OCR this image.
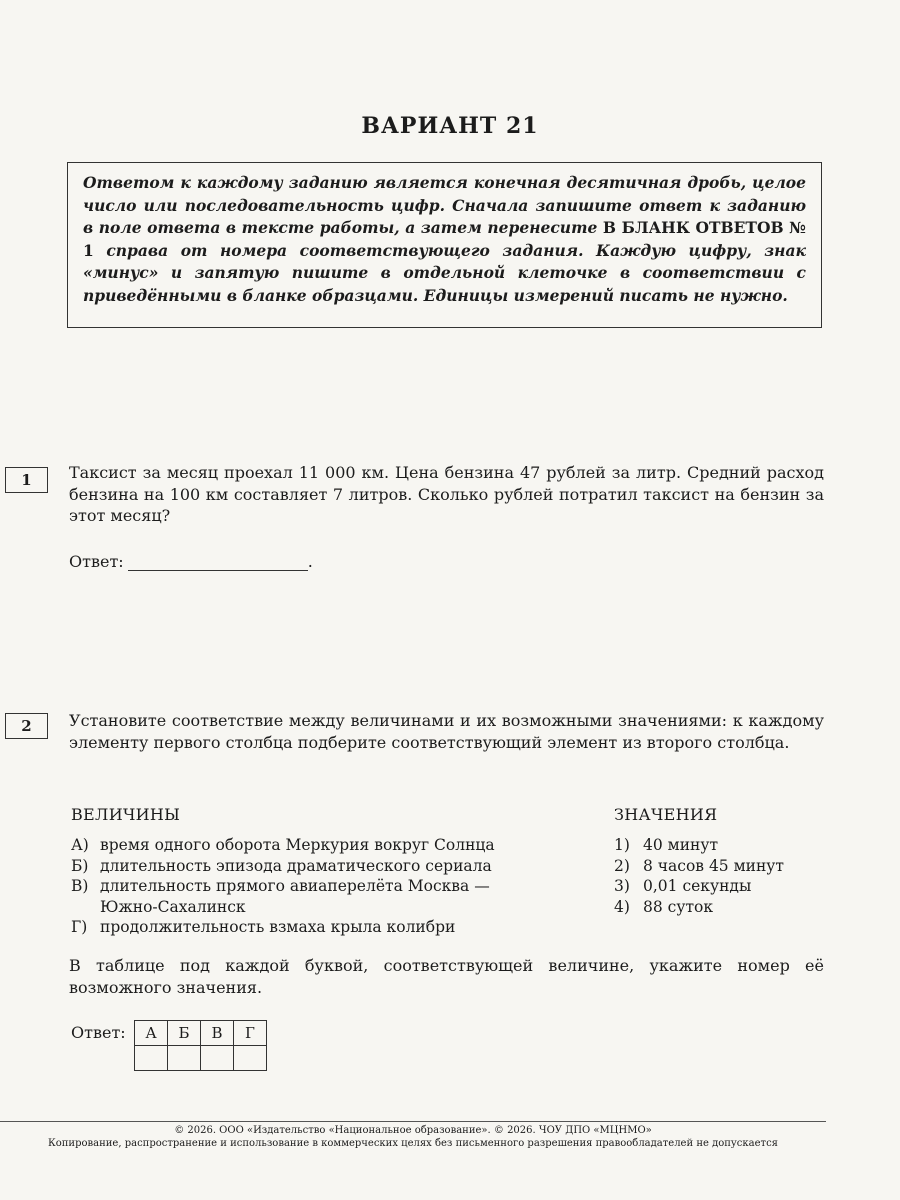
ВАРИАНТ 21
Ответом к каждому заданию является конечная десятичная дробь, целое число или последовательность цифр. Сначала запишите ответ к заданию в поле ответа в тексте работы, а затем перенесите В БЛАНК ОТВЕТОВ № 1 справа от номера соответствующего задания. Каждую цифру, знак «минус» и запятую пишите в отдельной клеточке в соответствии с приведёнными в бланке образцами. Единицы измерений писать не нужно.
1	Таксист за месяц проехал 11 000 км. Цена бензина 47 рублей за литр. Средний расход бензина на 100 км составляет 7 литров. Сколько рублей потратил таксист на бензин за этот месяц?
Ответ:	.
2	Установите соответствие между величинами и их возможными значениями: к каждому элементу первого столбца подберите соответствующий элемент из второго столбца.
ВЕЛИЧИНЫ	ЗНАЧЕНИЯ
А) время одного оборота Меркурия вокруг Солнца
Б) длительность эпизода драматического сериала
В) длительность прямого авиаперелёта Москва — Южно-Сахалинск
Г) продолжительность взмаха крыла колибри
1) 40 минут
2) 8 часов 45 минут
3) 0,01 секунды
4) 88 суток
В таблице под каждой буквой, соответствующей величине, укажите номер её возможного значения.
Ответ: А	Б	В	Г

© 2026. ООО «Издательство «Национальное образование». © 2026. ЧОУ ДПО «МЦНМО»
Копирование, распространение и использование в коммерческих целях без письменного разрешения правообладателей не допускается
